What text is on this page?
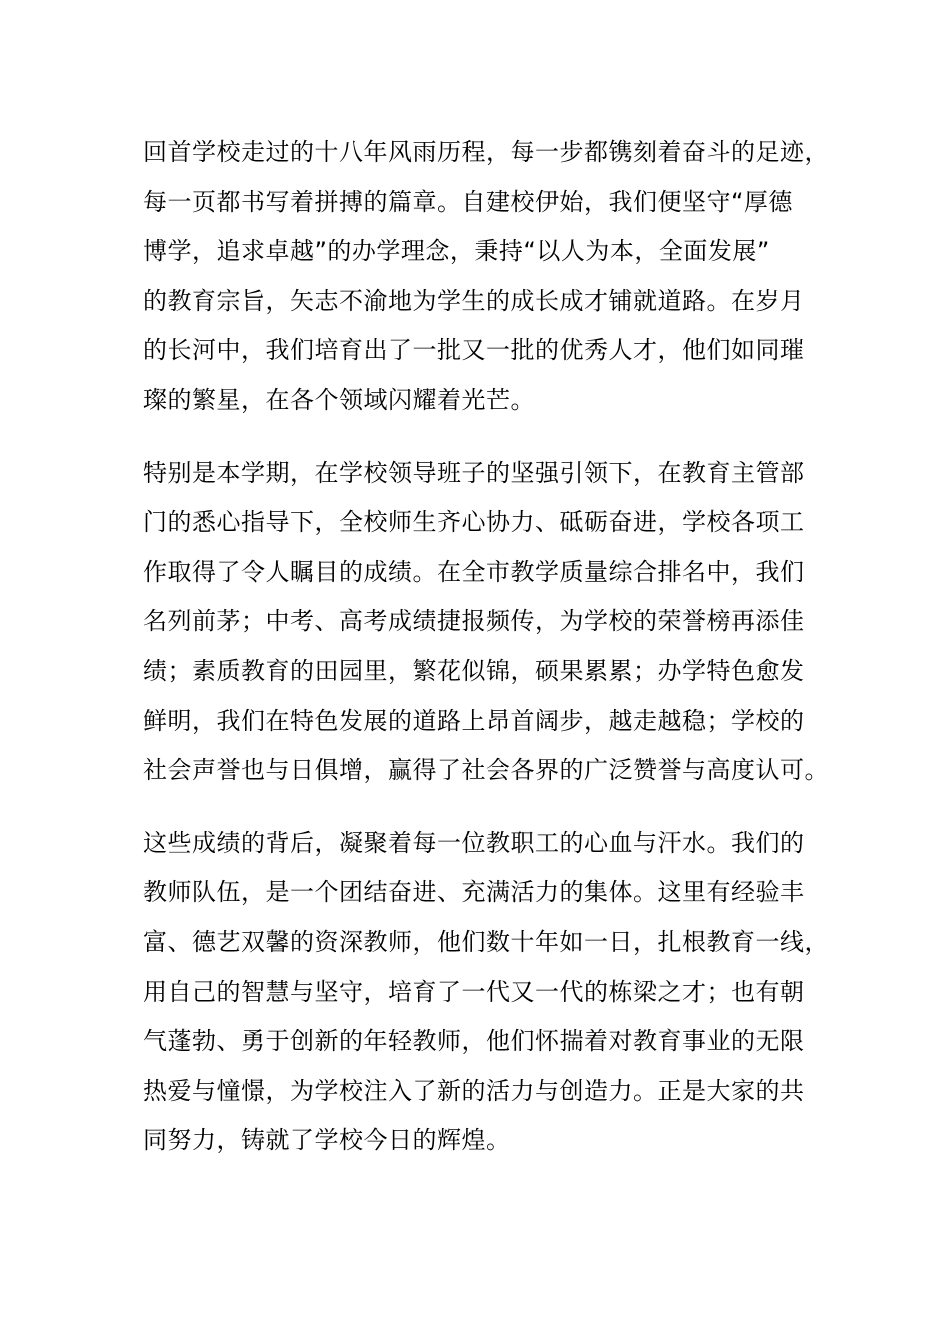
回首学校走过的十八年风雨历程，每一步都镌刻着奋斗的足迹，
每一页都书写着拼搏的篇章。自建校伊始，我们便坚守“厚德
博学，追求卓越”的办学理念，秉持“以人为本，全面发展”
的教育宗旨，矢志不渝地为学生的成长成才铺就道路。在岁月
的长河中，我们培育出了一批又一批的优秀人才，他们如同璀
璨的繁星，在各个领域闪耀着光芒。

特别是本学期，在学校领导班子的坚强引领下，在教育主管部
门的悉心指导下，全校师生齐心协力、砥砺奋进，学校各项工
作取得了令人瞩目的成绩。在全市教学质量综合排名中，我们
名列前茅；中考、高考成绩捷报频传，为学校的荣誉榜再添佳
绩；素质教育的田园里，繁花似锦，硕果累累；办学特色愈发
鲜明，我们在特色发展的道路上昂首阔步，越走越稳；学校的
社会声誉也与日俱增，赢得了社会各界的广泛赞誉与高度认可。

这些成绩的背后，凝聚着每一位教职工的心血与汗水。我们的
教师队伍，是一个团结奋进、充满活力的集体。这里有经验丰
富、德艺双馨的资深教师，他们数十年如一日，扎根教育一线，
用自己的智慧与坚守，培育了一代又一代的栋梁之才；也有朝
气蓬勃、勇于创新的年轻教师，他们怀揣着对教育事业的无限
热爱与憧憬，为学校注入了新的活力与创造力。正是大家的共
同努力，铸就了学校今日的辉煌。
